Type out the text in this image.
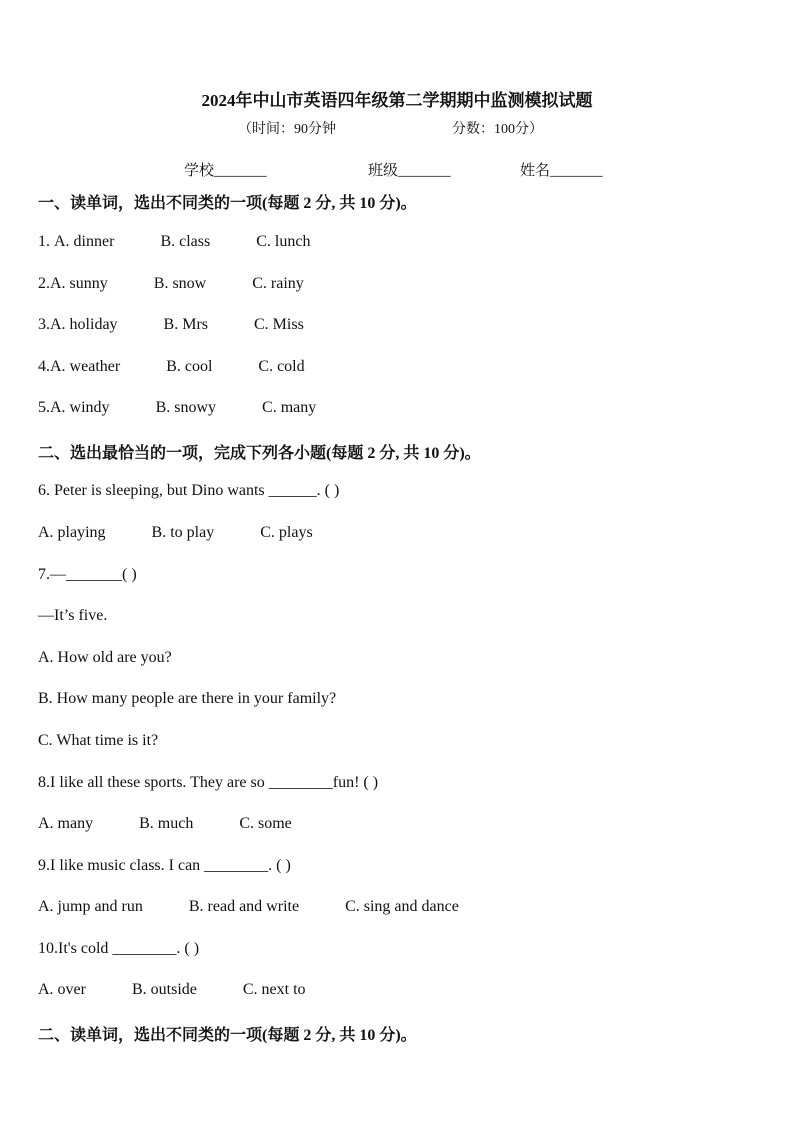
2024年中山市英语四年级第二学期期中监测模拟试题
（时间：90分钟	分数：100分）
学校_______	班级_______	姓名_______
一、读单词，选出不同类的一项(每题 2 分, 共 10 分)。
1. A. dinner	B. class	C. lunch
2.A. sunny	B. snow	C. rainy
3.A. holiday	B. Mrs	C. Miss
4.A. weather	B. cool	C. cold
5.A. windy	B. snowy	C. many
二、选出最恰当的一项，完成下列各小题(每题 2 分, 共 10 分)。
6. Peter is sleeping, but Dino wants ______. ( )
A. playing	B. to play	C. plays
7.—_______( )
—It’s five.
A. How old are you?
B. How many people are there in your family?
C. What time is it?
8.I like all these sports. They are so ________fun! ( )
A. many	B. much	C. some
9.I like music class. I can ________. ( )
A. jump and run	B. read and write	C. sing and dance
10.It's cold ________. ( )
A. over	B. outside	C. next to
二、读单词，选出不同类的一项(每题 2 分, 共 10 分)。
